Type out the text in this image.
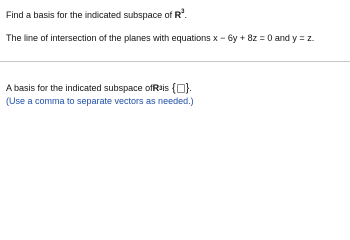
Find a basis for the indicated subspace of $R^3$.
The line of intersection of the planes with equations x − 6y + 8z = 0 and y = z.
A basis for the indicated subspace of R 3 is { } .
(Use a comma to separate vectors as needed.)
